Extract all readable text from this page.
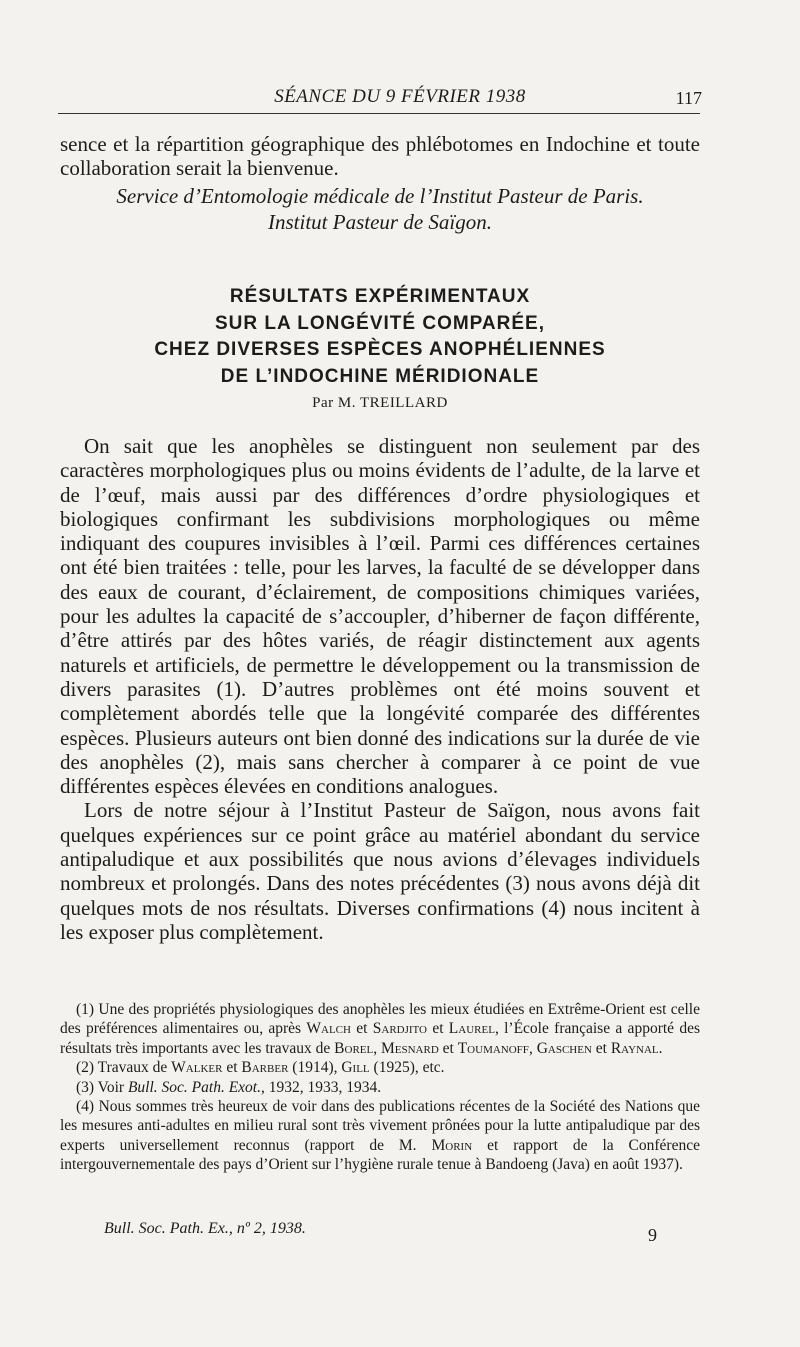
SÉANCE DU 9 FÉVRIER 1938	117

sence et la répartition géographique des phlébotomes en Indochine et toute collaboration serait la bienvenue.

Service d’Entomologie médicale de l’Institut Pasteur de Paris.
Institut Pasteur de Saïgon.
RÉSULTATS EXPÉRIMENTAUX
SUR LA LONGÉVITÉ COMPARÉE,
CHEZ DIVERSES ESPÈCES ANOPHÉLIENNES
DE L’INDOCHINE MÉRIDIONALE
Par M. TREILLARD

On sait que les anophèles se distinguent non seulement par des caractères morphologiques plus ou moins évidents de l’adulte, de la larve et de l’œuf, mais aussi par des différences d’ordre physiologiques et biologiques confirmant les subdivisions morphologiques ou même indiquant des coupures invisibles à l’œil. Parmi ces différences certaines ont été bien traitées : telle, pour les larves, la faculté de se développer dans des eaux de courant, d’éclairement, de compositions chimiques variées, pour les adultes la capacité de s’accoupler, d’hiberner de façon différente, d’être attirés par des hôtes variés, de réagir distinctement aux agents naturels et artificiels, de permettre le développement ou la transmission de divers parasites (1). D’autres problèmes ont été moins souvent et complètement abordés telle que la longévité comparée des différentes espèces. Plusieurs auteurs ont bien donné des indications sur la durée de vie des anophèles (2), mais sans chercher à comparer à ce point de vue différentes espèces élevées en conditions analogues.

Lors de notre séjour à l’Institut Pasteur de Saïgon, nous avons fait quelques expériences sur ce point grâce au matériel abondant du service antipaludique et aux possibilités que nous avions d’élevages individuels nombreux et prolongés. Dans des notes précédentes (3) nous avons déjà dit quelques mots de nos résultats. Diverses confirmations (4) nous incitent à les exposer plus complètement.

(1) Une des propriétés physiologiques des anophèles les mieux étudiées en Extrême-Orient est celle des préférences alimentaires ou, après Walch et Sardjito et Laurel, l’École française a apporté des résultats très importants avec les travaux de Borel, Mesnard et Toumanoff, Gaschen et Raynal.

(2) Travaux de Walker et Barber (1914), Gill (1925), etc.

(3) Voir Bull. Soc. Path. Exot., 1932, 1933, 1934.

(4) Nous sommes très heureux de voir dans des publications récentes de la Société des Nations que les mesures anti-adultes en milieu rural sont très vivement prônées pour la lutte antipaludique par des experts universellement reconnus (rapport de M. Morin et rapport de la Conférence intergouvernementale des pays d’Orient sur l’hygiène rurale tenue à Bandoeng (Java) en août 1937).

Bull. Soc. Path. Ex., nº 2, 1938.	9
